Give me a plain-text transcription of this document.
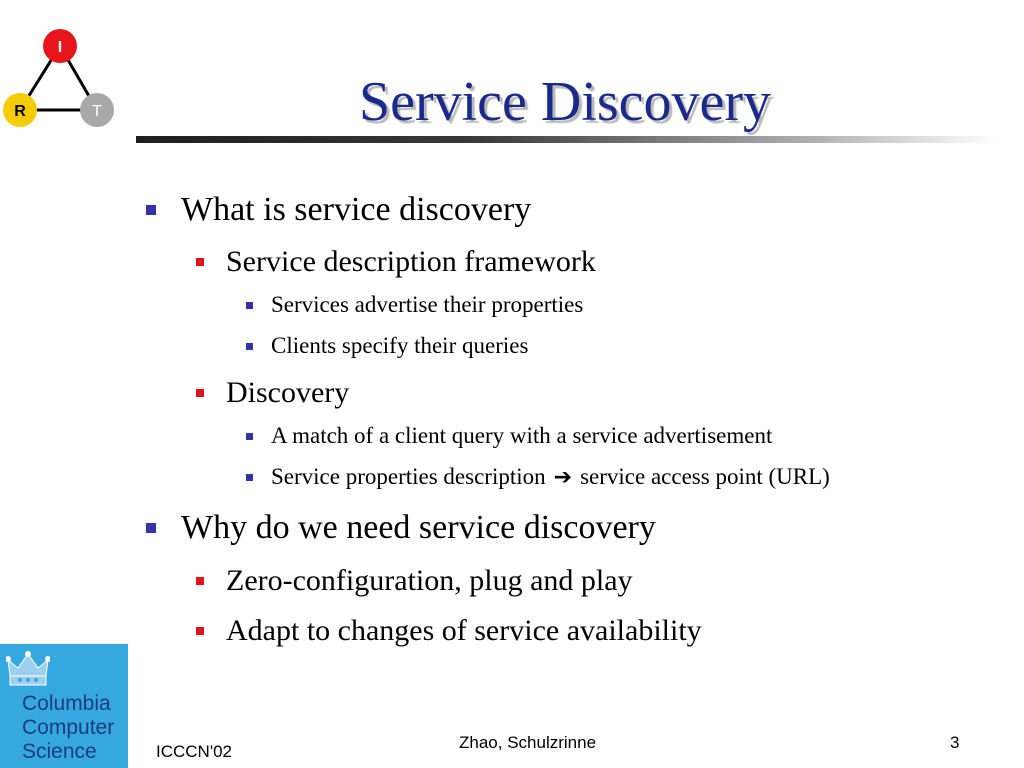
I
R	T	Service Discovery
What is service discovery
Service description framework
Services advertise their properties
Clients specify their queries
Discovery
A match of a client query with a service advertisement
Service properties description ➔ service access point (URL)
Why do we need service discovery
Zero-configuration, plug and play
Adapt to changes of service availability
Columbia
Computer
Science	ICCCN'02	Zhao, Schulzrinne	3
